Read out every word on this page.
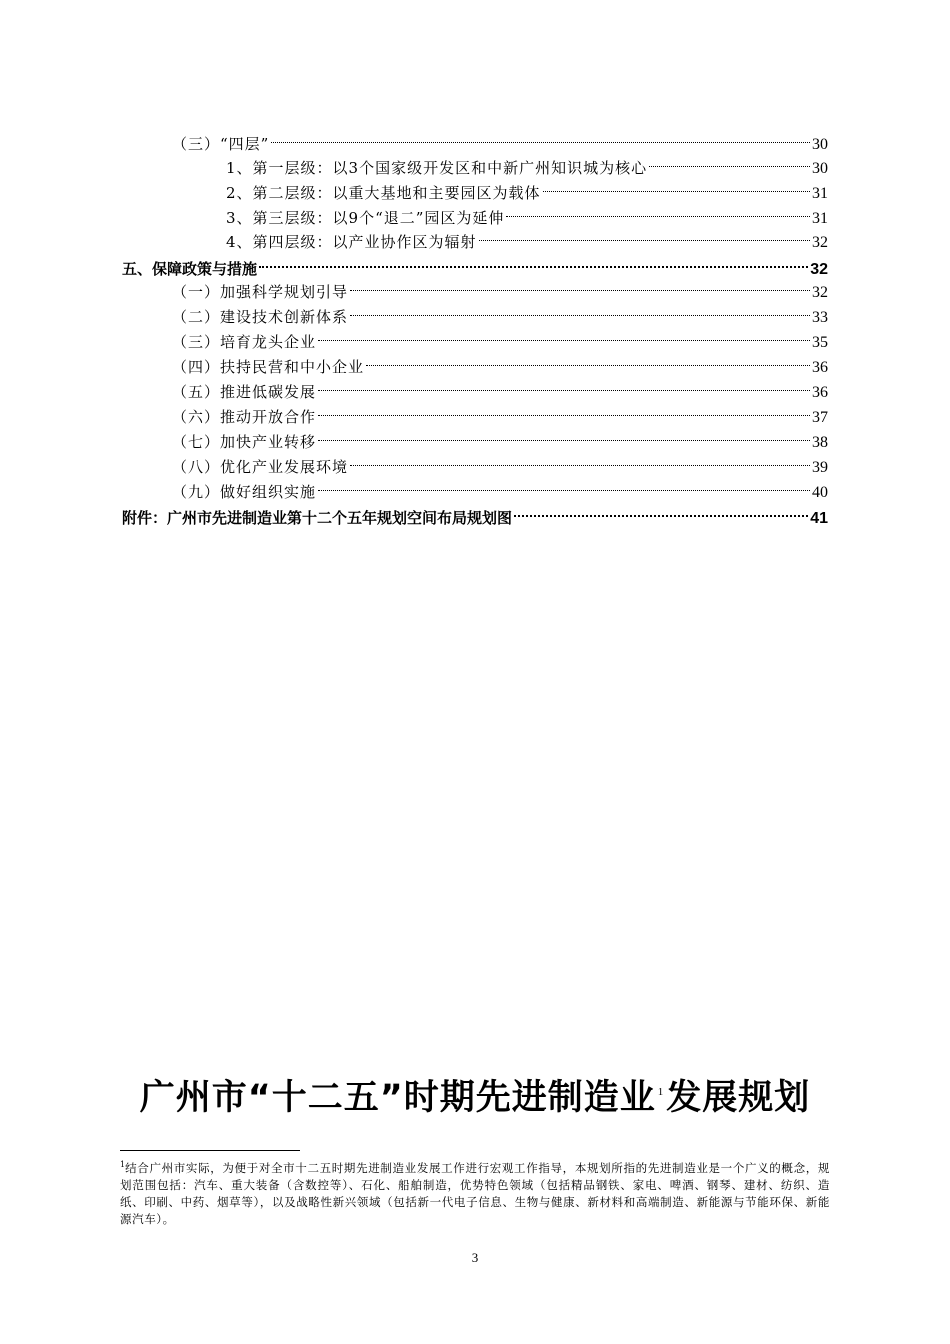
（三）“四层”	30
1、第一层级：以3个国家级开发区和中新广州知识城为核心	30
2、第二层级：以重大基地和主要园区为载体	31
3、第三层级：以9个“退二”园区为延伸	31
4、第四层级：以产业协作区为辐射	32
五、保障政策与措施	32
（一）加强科学规划引导	32
（二）建设技术创新体系	33
（三）培育龙头企业	35
（四）扶持民营和中小企业	36
（五）推进低碳发展	36
（六）推动开放合作	37
（七）加快产业转移	38
（八）优化产业发展环境	39
（九）做好组织实施	40
附件：广州市先进制造业第十二个五年规划空间布局规划图	41
广州市“十二五”时期先进制造业 $^1$发展规划
$^1$结合广州市实际，为便于对全市十二五时期先进制造业发展工作进行宏观工作指导，本规划所指的先进制造业是一个广义的概念，规划范围包括：汽车、重大装备（含数控等）、石化、船舶制造，优势特色领域（包括精品钢铁、家电、啤酒、钢琴、建材、纺织、造纸、印刷、中药、烟草等），以及战略性新兴领域（包括新一代电子信息、生物与健康、新材料和高端制造、新能源与节能环保、新能源汽车）。
3
